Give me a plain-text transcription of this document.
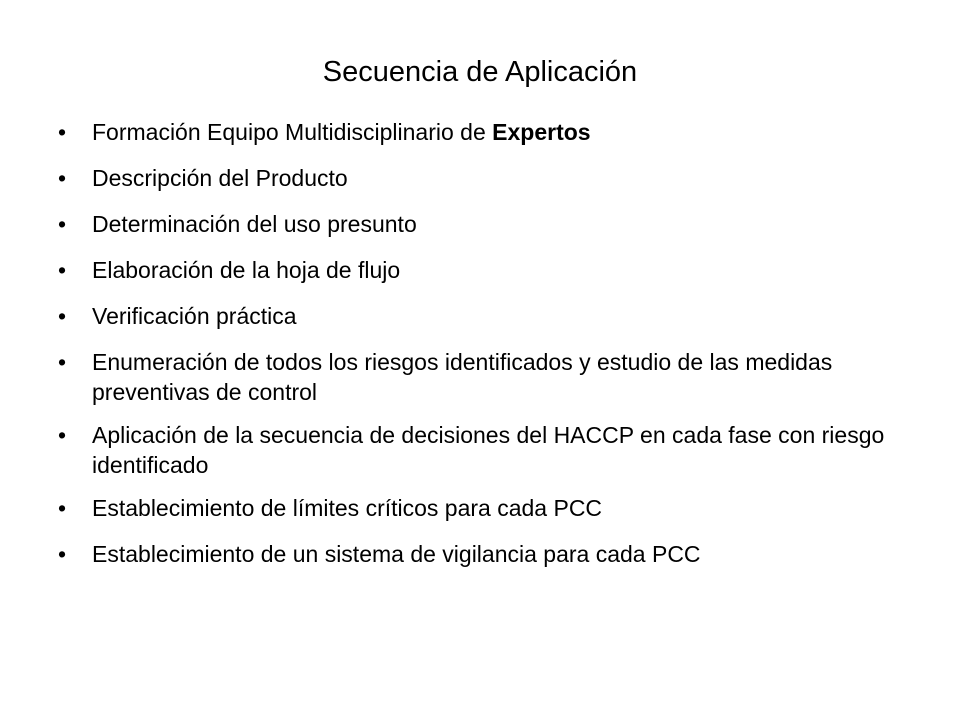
Secuencia de Aplicación
•	Formación Equipo Multidisciplinario de Expertos
•	Descripción del Producto
•	Determinación del uso presunto
•	Elaboración de la hoja de flujo
•	Verificación práctica
•	Enumeración de todos los riesgos identificados y estudio de las medidas preventivas de control
•	Aplicación de la secuencia de decisiones del HACCP en cada fase con riesgo identificado
•	Establecimiento de límites críticos para cada PCC
•	Establecimiento de un sistema de vigilancia para cada PCC
